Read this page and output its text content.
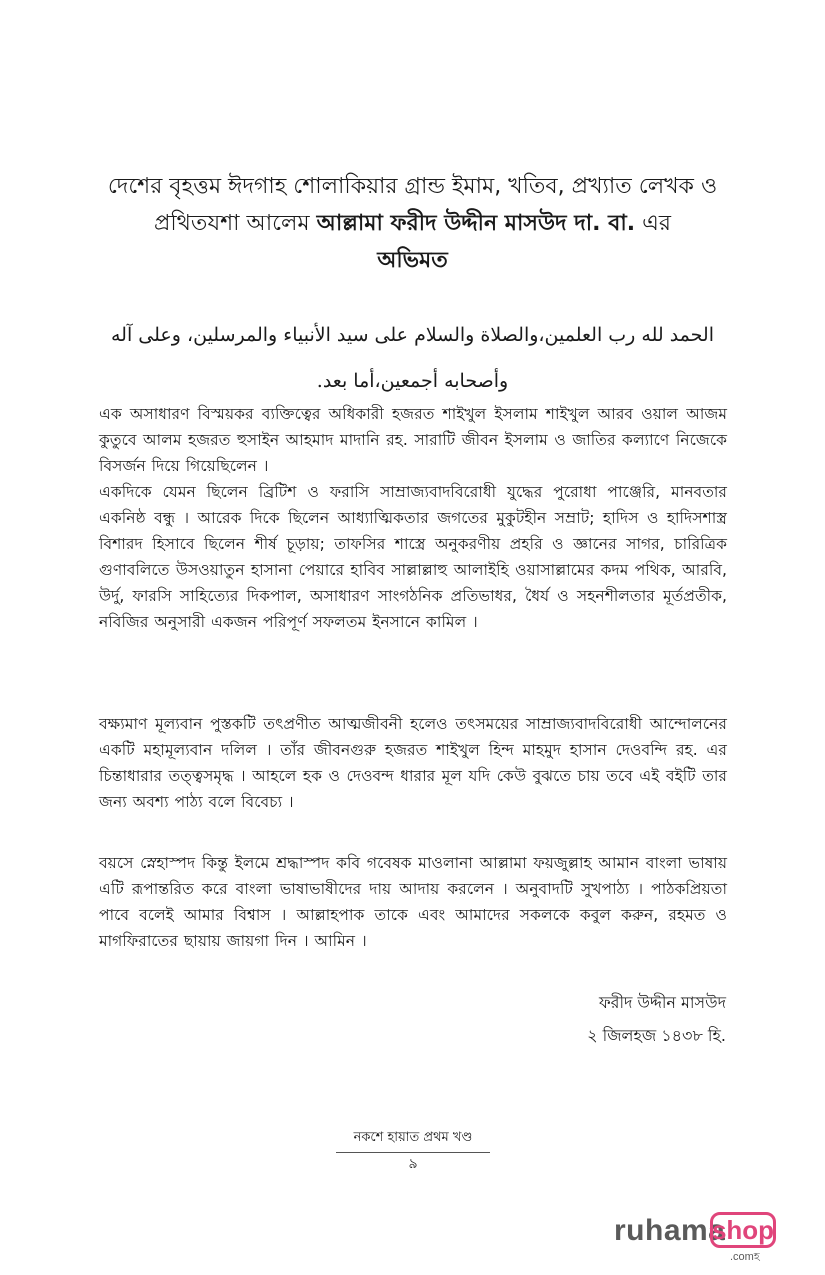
দেশের বৃহত্তম ঈদগাহ শোলাকিয়ার গ্রান্ড ইমাম, খতিব, প্রখ্যাত লেখক ও
প্রথিতযশা আলেম আল্লামা ফরীদ উদ্দীন মাসউদ দা. বা. এর
অভিমত
الحمد لله رب العلمين،والصلاة والسلام على سيد الأنبياء والمرسلين، وعلى آله
وأصحابه أجمعين،أما بعد.

এক অসাধারণ বিস্ময়কর ব্যক্তিত্বের অধিকারী হজরত শাইখুল ইসলাম শাইখুল আরব ওয়াল আজম কুতুবে আলম হজরত হুসাইন আহমাদ মাদানি রহ. সারাটি জীবন ইসলাম ও জাতির কল্যাণে নিজেকে বিসর্জন দিয়ে গিয়েছিলেন ।

একদিকে যেমন ছিলেন ব্রিটিশ ও ফরাসি সাম্রাজ্যবাদবিরোধী যুদ্ধের পুরোধা পাঞ্জেরি, মানবতার একনিষ্ঠ বন্ধু । আরেক দিকে ছিলেন আধ্যাত্মিকতার জগতের মুকুটহীন সম্রাট; হাদিস ও হাদিসশাস্ত্র বিশারদ হিসাবে ছিলেন শীর্ষ চূড়ায়; তাফসির শাস্ত্রে অনুকরণীয় প্রহরি ও জ্ঞানের সাগর, চারিত্রিক গুণাবলিতে উসওয়াতুন হাসানা পেয়ারে হাবিব সাল্লাল্লাহু আলাইহি ওয়াসাল্লামের কদম পথিক, আরবি, উর্দু, ফারসি সাহিত্যের দিকপাল, অসাধারণ সাংগঠনিক প্রতিভাধর, ধৈর্য ও সহনশীলতার মূর্তপ্রতীক, নবিজির অনুসারী একজন পরিপূর্ণ সফলতম ইনসানে কামিল ।

বক্ষ্যমাণ মূল্যবান পুস্তকটি তৎপ্রণীত আত্মজীবনী হলেও তৎসময়ের সাম্রাজ্যবাদবিরোধী আন্দোলনের একটি মহামূল্যবান দলিল । তাঁর জীবনগুরু হজরত শাইখুল হিন্দ মাহমুদ হাসান দেওবন্দি রহ. এর চিন্তাধারার তত্ত্বসমৃদ্ধ । আহলে হক ও দেওবন্দ ধারার মূল যদি কেউ বুঝতে চায় তবে এই বইটি তার জন্য অবশ্য পাঠ্য বলে বিবেচ্য ।

বয়সে স্নেহাস্পদ কিন্তু ইলমে শ্রদ্ধাস্পদ কবি গবেষক মাওলানা আল্লামা ফয়জুল্লাহ আমান বাংলা ভাষায় এটি রূপান্তরিত করে বাংলা ভাষাভাষীদের দায় আদায় করলেন । অনুবাদটি সুখপাঠ্য । পাঠকপ্রিয়তা পাবে বলেই আমার বিশ্বাস । আল্লাহপাক তাকে এবং আমাদের সকলকে কবুল করুন, রহমত ও মাগফিরাতের ছায়ায় জায়গা দিন । আমিন ।

ফরীদ উদ্দীন মাসউদ
২ জিলহজ ১৪৩৮ হি.
নকশে হায়াত প্রথম খণ্ড
৯
ruhama
shop
.comহ
